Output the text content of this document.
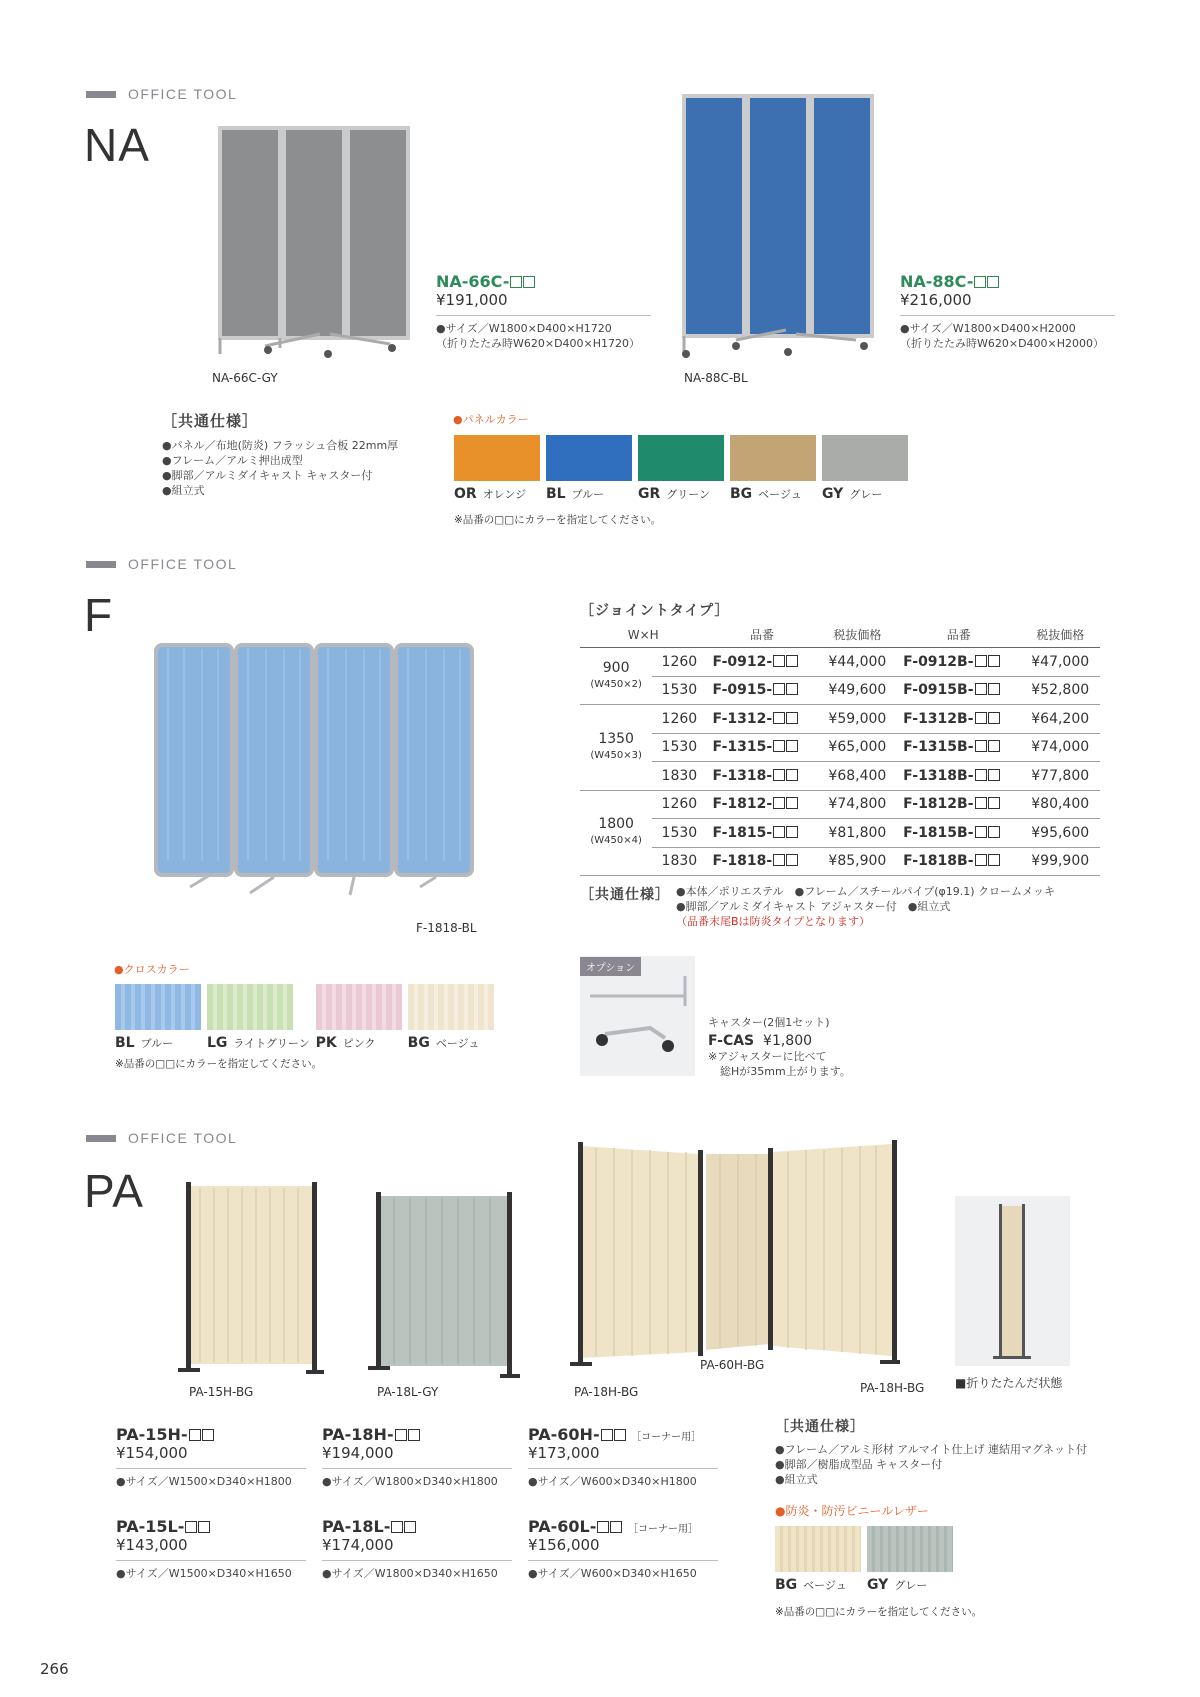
OFFICE TOOL
NA
NA-66C-GY
NA-66C-
¥191,000
●サイズ／W1800×D400×H1720
（折りたたみ時W620×D400×H1720）
NA-88C-BL
NA-88C-
¥216,000
●サイズ／W1800×D400×H2000
（折りたたみ時W620×D400×H2000）
［共通仕様］
●パネル／布地(防炎) フラッシュ合板 22mm厚
●フレーム／アルミ押出成型
●脚部／アルミダイキャスト キャスター付
●組立式
●パネルカラー
OR オレンジ	BL ブルー	GR グリーン	BG ベージュ	GY グレー
※品番の□□にカラーを指定してください。
OFFICE TOOL
F
F-1818-BL
［ジョイントタイプ］
W×H		品番	税抜価格	品番	税抜価格
900
(W450×2)	1260	F-0912-	¥44,000	F-0912B-	¥47,000
	1530	F-0915-	¥49,600	F-0915B-	¥52,800
1350
(W450×3)	1260	F-1312-	¥59,000	F-1312B-	¥64,200
	1530	F-1315-	¥65,000	F-1315B-	¥74,000
	1830	F-1318-	¥68,400	F-1318B-	¥77,800
1800
(W450×4)	1260	F-1812-	¥74,800	F-1812B-	¥80,400
	1530	F-1815-	¥81,800	F-1815B-	¥95,600
	1830	F-1818-	¥85,900	F-1818B-	¥99,900
［共通仕様］ ●本体／ポリエステル　●フレーム／スチールパイプ(φ19.1) クロームメッキ
●脚部／アルミダイキャスト アジャスター付　●組立式
（品番末尾Bは防炎タイプとなります）
●クロスカラー
BL ブルー	LG ライトグリーン PK ピンク	BG ベージュ
※品番の□□にカラーを指定してください。
オプション
キャスター(2個1セット)
F-CAS ¥1,800
※アジャスターに比べて
総Hが35mm上がります。
OFFICE TOOL
PA
PA-15H-BG	PA-18L-GY	PA-18H-BG
PA-60H-BG
PA-18H-BG	■折りたたんだ状態
PA-15H-
¥154,000
●サイズ／W1500×D340×H1800
PA-18H-
¥194,000
●サイズ／W1800×D340×H1800
PA-60H-	［コーナー用］
¥173,000
●サイズ／W600×D340×H1800
PA-15L-
¥143,000
●サイズ／W1500×D340×H1650
PA-18L-
¥174,000
●サイズ／W1800×D340×H1650
PA-60L-	［コーナー用］
¥156,000
●サイズ／W600×D340×H1650
［共通仕様］
●フレーム／アルミ形材 アルマイト仕上げ 連結用マグネット付
●脚部／樹脂成型品 キャスター付
●組立式
●防炎・防汚ビニールレザー
BG ベージュ	GY グレー
※品番の□□にカラーを指定してください。
266
